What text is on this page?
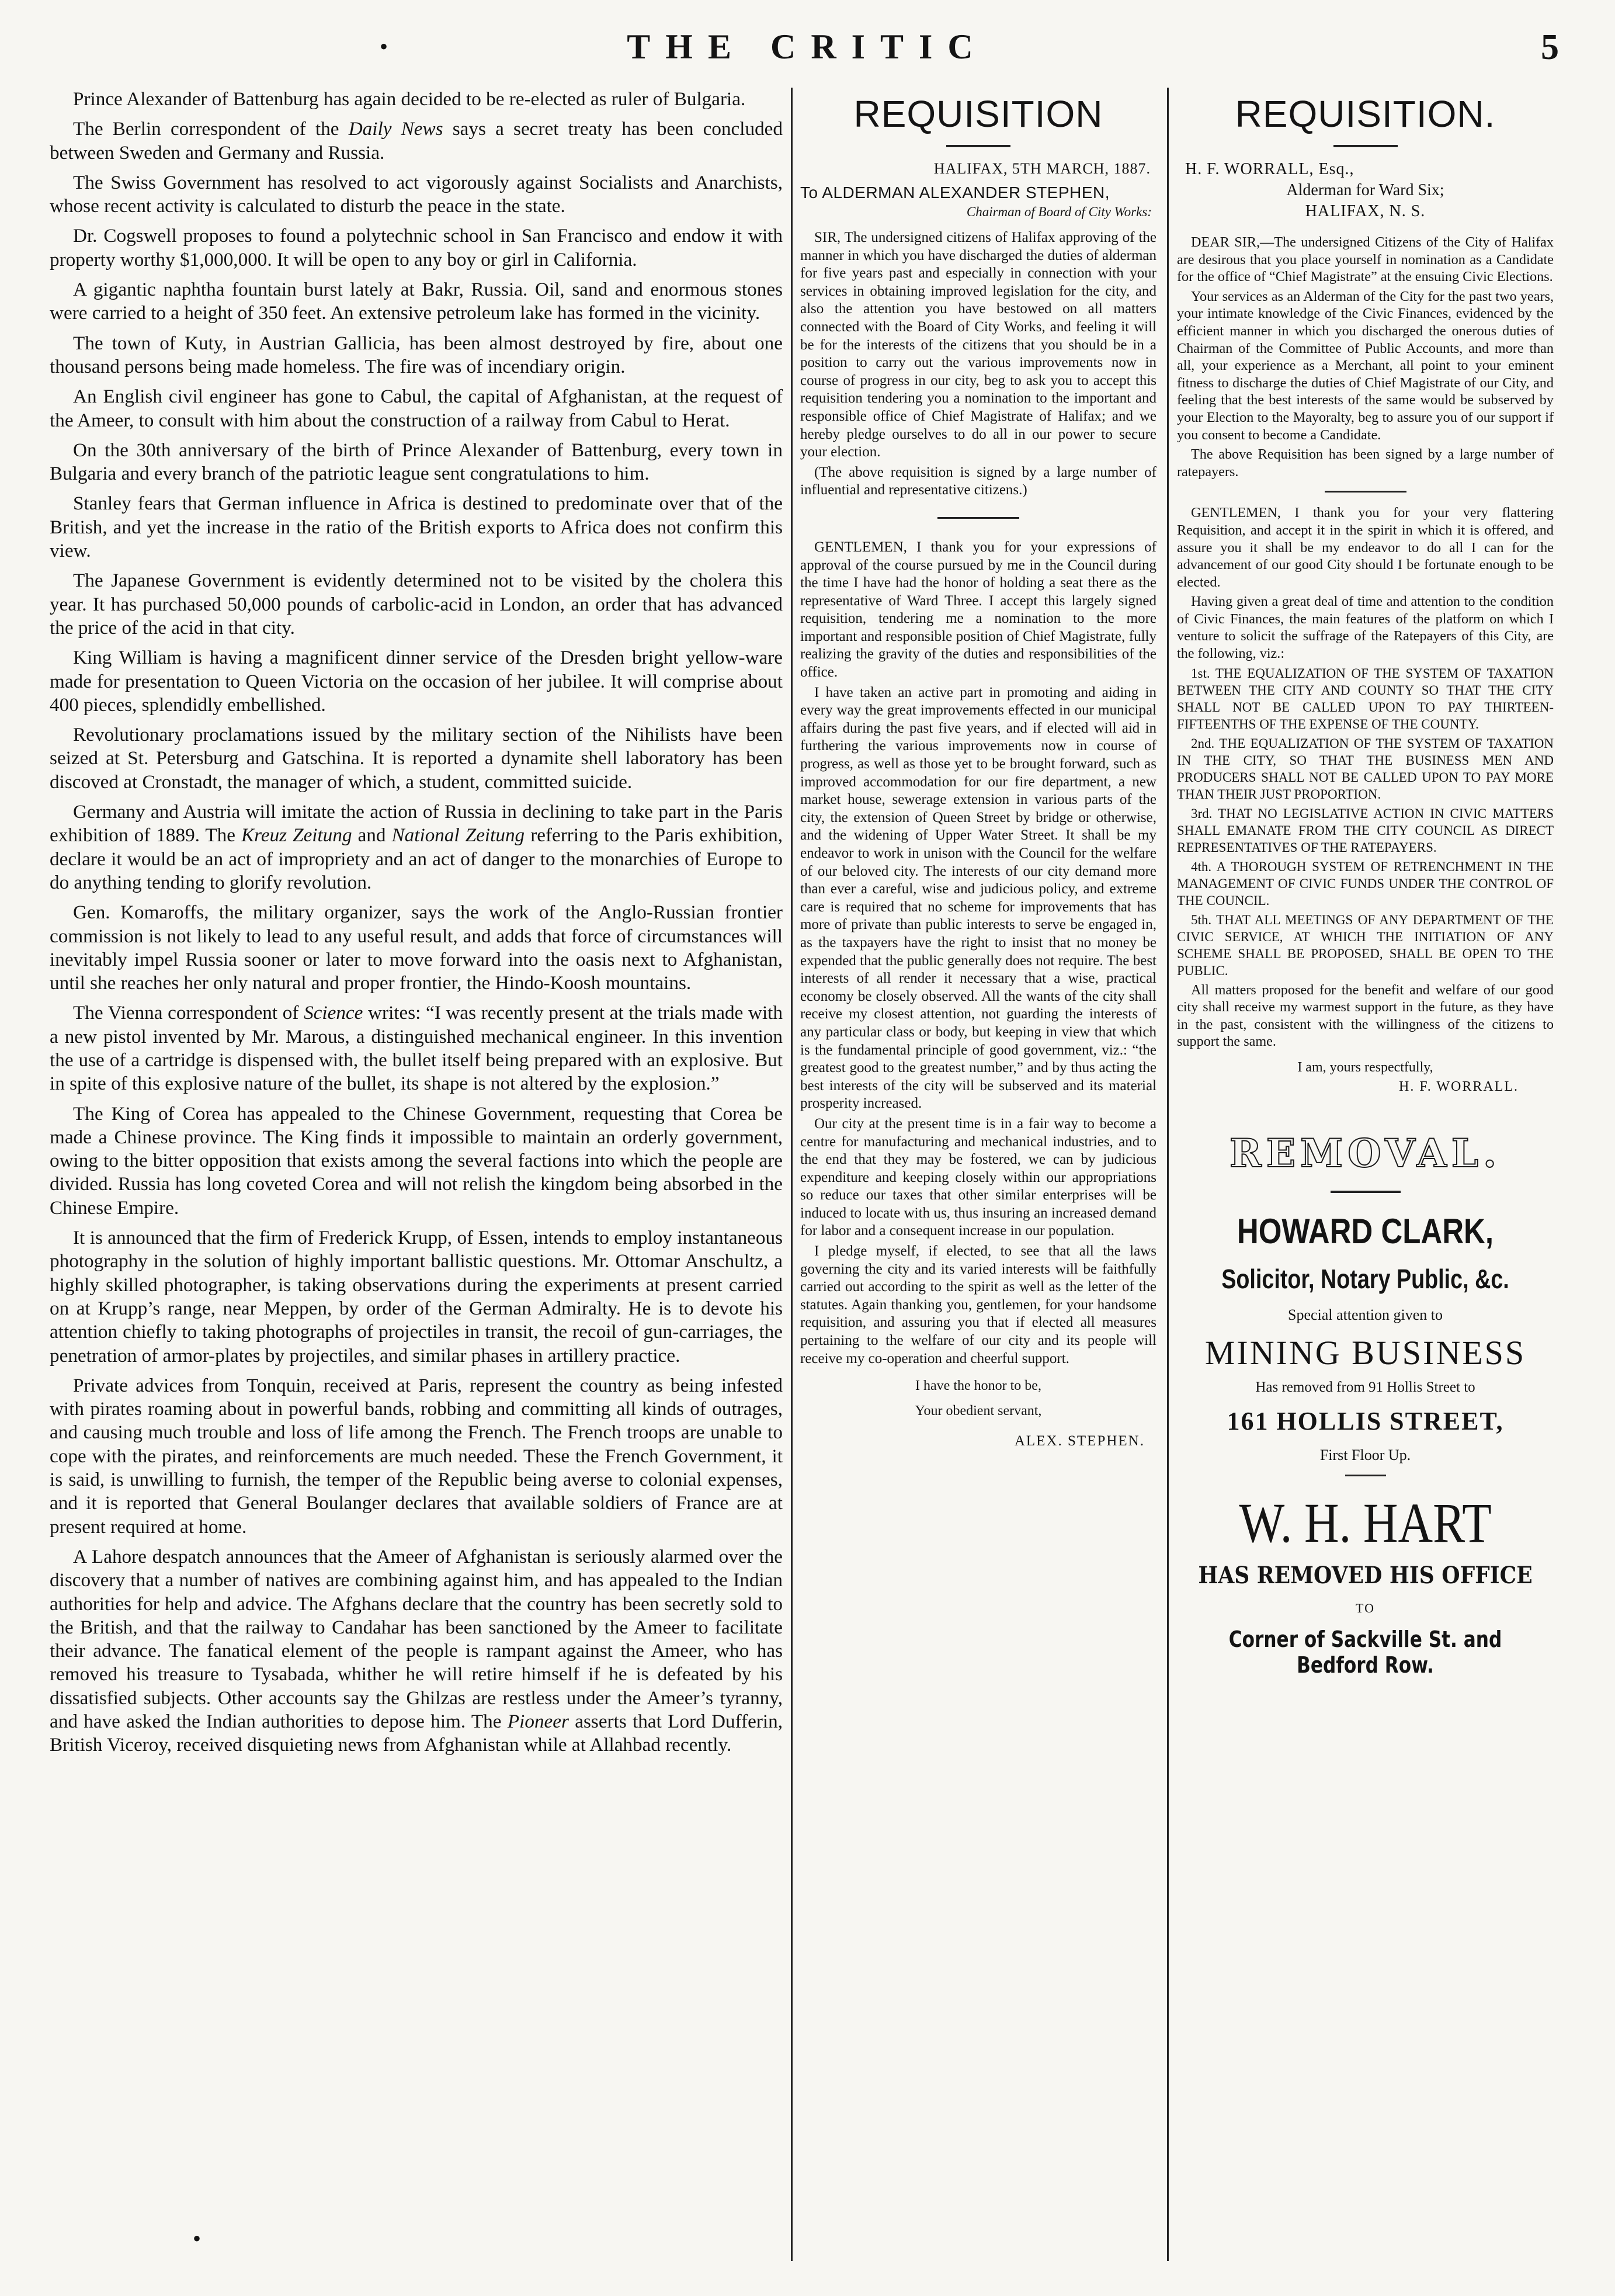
•	THE CRITIC	5

Prince Alexander of Battenburg has again decided to be re-elected as ruler of Bulgaria.

The Berlin correspondent of the Daily News says a secret treaty has been concluded between Sweden and Germany and Russia.

The Swiss Government has resolved to act vigorously against Socialists and Anarchists, whose recent activity is calculated to disturb the peace in the state.

Dr. Cogswell proposes to found a polytechnic school in San Francisco and endow it with property worthy $1,000,000. It will be open to any boy or girl in California.

A gigantic naphtha fountain burst lately at Bakr, Russia. Oil, sand and enormous stones were carried to a height of 350 feet. An extensive petroleum lake has formed in the vicinity.

The town of Kuty, in Austrian Gallicia, has been almost destroyed by fire, about one thousand persons being made homeless. The fire was of incendiary origin.

An English civil engineer has gone to Cabul, the capital of Afghanistan, at the request of the Ameer, to consult with him about the construction of a railway from Cabul to Herat.

On the 30th anniversary of the birth of Prince Alexander of Battenburg, every town in Bulgaria and every branch of the patriotic league sent congratulations to him.

Stanley fears that German influence in Africa is destined to predominate over that of the British, and yet the increase in the ratio of the British exports to Africa does not confirm this view.

The Japanese Government is evidently determined not to be visited by the cholera this year. It has purchased 50,000 pounds of carbolic-acid in London, an order that has advanced the price of the acid in that city.

King William is having a magnificent dinner service of the Dresden bright yellow-ware made for presentation to Queen Victoria on the occasion of her jubilee. It will comprise about 400 pieces, splendidly embellished.

Revolutionary proclamations issued by the military section of the Nihilists have been seized at St. Petersburg and Gatschina. It is reported a dynamite shell laboratory has been discoved at Cronstadt, the manager of which, a student, committed suicide.

Germany and Austria will imitate the action of Russia in declining to take part in the Paris exhibition of 1889. The Kreuz Zeitung and National Zeitung referring to the Paris exhibition, declare it would be an act of impropriety and an act of danger to the monarchies of Europe to do anything tending to glorify revolution.

Gen. Komaroffs, the military organizer, says the work of the Anglo-Russian frontier commission is not likely to lead to any useful result, and adds that force of circumstances will inevitably impel Russia sooner or later to move forward into the oasis next to Afghanistan, until she reaches her only natural and proper frontier, the Hindo-Koosh mountains.

The Vienna correspondent of Science writes: “I was recently present at the trials made with a new pistol invented by Mr. Marous, a distinguished mechanical engineer. In this invention the use of a cartridge is dispensed with, the bullet itself being prepared with an explosive. But in spite of this explosive nature of the bullet, its shape is not altered by the explosion.”

The King of Corea has appealed to the Chinese Government, requesting that Corea be made a Chinese province. The King finds it impossible to maintain an orderly government, owing to the bitter opposition that exists among the several factions into which the people are divided. Russia has long coveted Corea and will not relish the kingdom being absorbed in the Chinese Empire.

It is announced that the firm of Frederick Krupp, of Essen, intends to employ instantaneous photography in the solution of highly important ballistic questions. Mr. Ottomar Anschultz, a highly skilled photographer, is taking observations during the experiments at present carried on at Krupp’s range, near Meppen, by order of the German Admiralty. He is to devote his attention chiefly to taking photographs of projectiles in transit, the recoil of gun-carriages, the penetration of armor-plates by projectiles, and similar phases in artillery practice.

Private advices from Tonquin, received at Paris, represent the country as being infested with pirates roaming about in powerful bands, robbing and committing all kinds of outrages, and causing much trouble and loss of life among the French. The French troops are unable to cope with the pirates, and reinforcements are much needed. These the French Government, it is said, is unwilling to furnish, the temper of the Republic being averse to colonial expenses, and it is reported that General Boulanger declares that available soldiers of France are at present required at home.

A Lahore despatch announces that the Ameer of Afghanistan is seriously alarmed over the discovery that a number of natives are combining against him, and has appealed to the Indian authorities for help and advice. The Afghans declare that the country has been secretly sold to the British, and that the railway to Candahar has been sanctioned by the Ameer to facilitate their advance. The fanatical element of the people is rampant against the Ameer, who has removed his treasure to Tysabada, whither he will retire himself if he is defeated by his dissatisfied subjects. Other accounts say the Ghilzas are restless under the Ameer’s tyranny, and have asked the Indian authorities to depose him. The Pioneer asserts that Lord Dufferin, British Viceroy, received disquieting news from Afghanistan while at Allahbad recently.

REQUISITION
HALIFAX, 5TH MARCH, 1887.
To ALDERMAN ALEXANDER STEPHEN,
Chairman of Board of City Works:

SIR, The undersigned citizens of Halifax approving of the manner in which you have discharged the duties of alderman for five years past and especially in connection with your services in obtaining improved legislation for the city, and also the attention you have bestowed on all matters connected with the Board of City Works, and feeling it will be for the interests of the citizens that you should be in a position to carry out the various improvements now in course of progress in our city, beg to ask you to accept this requisition tendering you a nomination to the important and responsible office of Chief Magistrate of Halifax; and we hereby pledge ourselves to do all in our power to secure your election.

(The above requisition is signed by a large number of influential and representative citizens.)

GENTLEMEN, I thank you for your expressions of approval of the course pursued by me in the Council during the time I have had the honor of holding a seat there as the representative of Ward Three. I accept this largely signed requisition, tendering me a nomination to the more important and responsible position of Chief Magistrate, fully realizing the gravity of the duties and responsibilities of the office.

I have taken an active part in promoting and aiding in every way the great improvements effected in our municipal affairs during the past five years, and if elected will aid in furthering the various improvements now in course of progress, as well as those yet to be brought forward, such as improved accommodation for our fire department, a new market house, sewerage extension in various parts of the city, the extension of Queen Street by bridge or otherwise, and the widening of Upper Water Street. It shall be my endeavor to work in unison with the Council for the welfare of our beloved city. The interests of our city demand more than ever a careful, wise and judicious policy, and extreme care is required that no scheme for improvements that has more of private than public interests to serve be engaged in, as the taxpayers have the right to insist that no money be expended that the public generally does not require. The best interests of all render it necessary that a wise, practical economy be closely observed. All the wants of the city shall receive my closest attention, not guarding the interests of any particular class or body, but keeping in view that which is the fundamental principle of good government, viz.: “the greatest good to the greatest number,” and by thus acting the best interests of the city will be subserved and its material prosperity increased.

Our city at the present time is in a fair way to become a centre for manufacturing and mechanical industries, and to the end that they may be fostered, we can by judicious expenditure and keeping closely within our appropriations so reduce our taxes that other similar enterprises will be induced to locate with us, thus insuring an increased demand for labor and a consequent increase in our population.

I pledge myself, if elected, to see that all the laws governing the city and its varied interests will be faithfully carried out according to the spirit as well as the letter of the statutes. Again thanking you, gentlemen, for your handsome requisition, and assuring you that if elected all measures pertaining to the welfare of our city and its people will receive my co-operation and cheerful support.

I have the honor to be,
Your obedient servant,
ALEX. STEPHEN.
REQUISITION.
H. F. WORRALL, Esq.,
Alderman for Ward Six;
HALIFAX, N. S.

DEAR SIR,—The undersigned Citizens of the City of Halifax are desirous that you place yourself in nomination as a Candidate for the office of “Chief Magistrate” at the ensuing Civic Elections.

Your services as an Alderman of the City for the past two years, your intimate knowledge of the Civic Finances, evidenced by the efficient manner in which you discharged the onerous duties of Chairman of the Committee of Public Accounts, and more than all, your experience as a Merchant, all point to your eminent fitness to discharge the duties of Chief Magistrate of our City, and feeling that the best interests of the same would be subserved by your Election to the Mayoralty, beg to assure you of our support if you consent to become a Candidate.

The above Requisition has been signed by a large number of ratepayers.

GENTLEMEN, I thank you for your very flattering Requisition, and accept it in the spirit in which it is offered, and assure you it shall be my endeavor to do all I can for the advancement of our good City should I be fortunate enough to be elected.

Having given a great deal of time and attention to the condition of Civic Finances, the main features of the platform on which I venture to solicit the suffrage of the Ratepayers of this City, are the following, viz.:

1st. THE EQUALIZATION OF THE SYSTEM OF TAXATION BETWEEN THE CITY AND COUNTY SO THAT THE CITY SHALL NOT BE CALLED UPON TO PAY THIRTEEN-FIFTEENTHS OF THE EXPENSE OF THE COUNTY.

2nd. THE EQUALIZATION OF THE SYSTEM OF TAXATION IN THE CITY, SO THAT THE BUSINESS MEN AND PRODUCERS SHALL NOT BE CALLED UPON TO PAY MORE THAN THEIR JUST PROPORTION.

3rd. THAT NO LEGISLATIVE ACTION IN CIVIC MATTERS SHALL EMANATE FROM THE CITY COUNCIL AS DIRECT REPRESENTATIVES OF THE RATEPAYERS.

4th. A THOROUGH SYSTEM OF RETRENCHMENT IN THE MANAGEMENT OF CIVIC FUNDS UNDER THE CONTROL OF THE COUNCIL.

5th. THAT ALL MEETINGS OF ANY DEPARTMENT OF THE CIVIC SERVICE, AT WHICH THE INITIATION OF ANY SCHEME SHALL BE PROPOSED, SHALL BE OPEN TO THE PUBLIC.

All matters proposed for the benefit and welfare of our good city shall receive my warmest support in the future, as they have in the past, consistent with the willingness of the citizens to support the same.

I am, yours respectfully,
H. F. WORRALL.
REMOVAL.
HOWARD CLARK,
Solicitor, Notary Public, &c.
Special attention given to
MINING BUSINESS
Has removed from 91 Hollis Street to
161 HOLLIS STREET,
First Floor Up.
W. H. HART
HAS REMOVED HIS OFFICE
TO
Corner of Sackville St. and Bedford Row.
•
